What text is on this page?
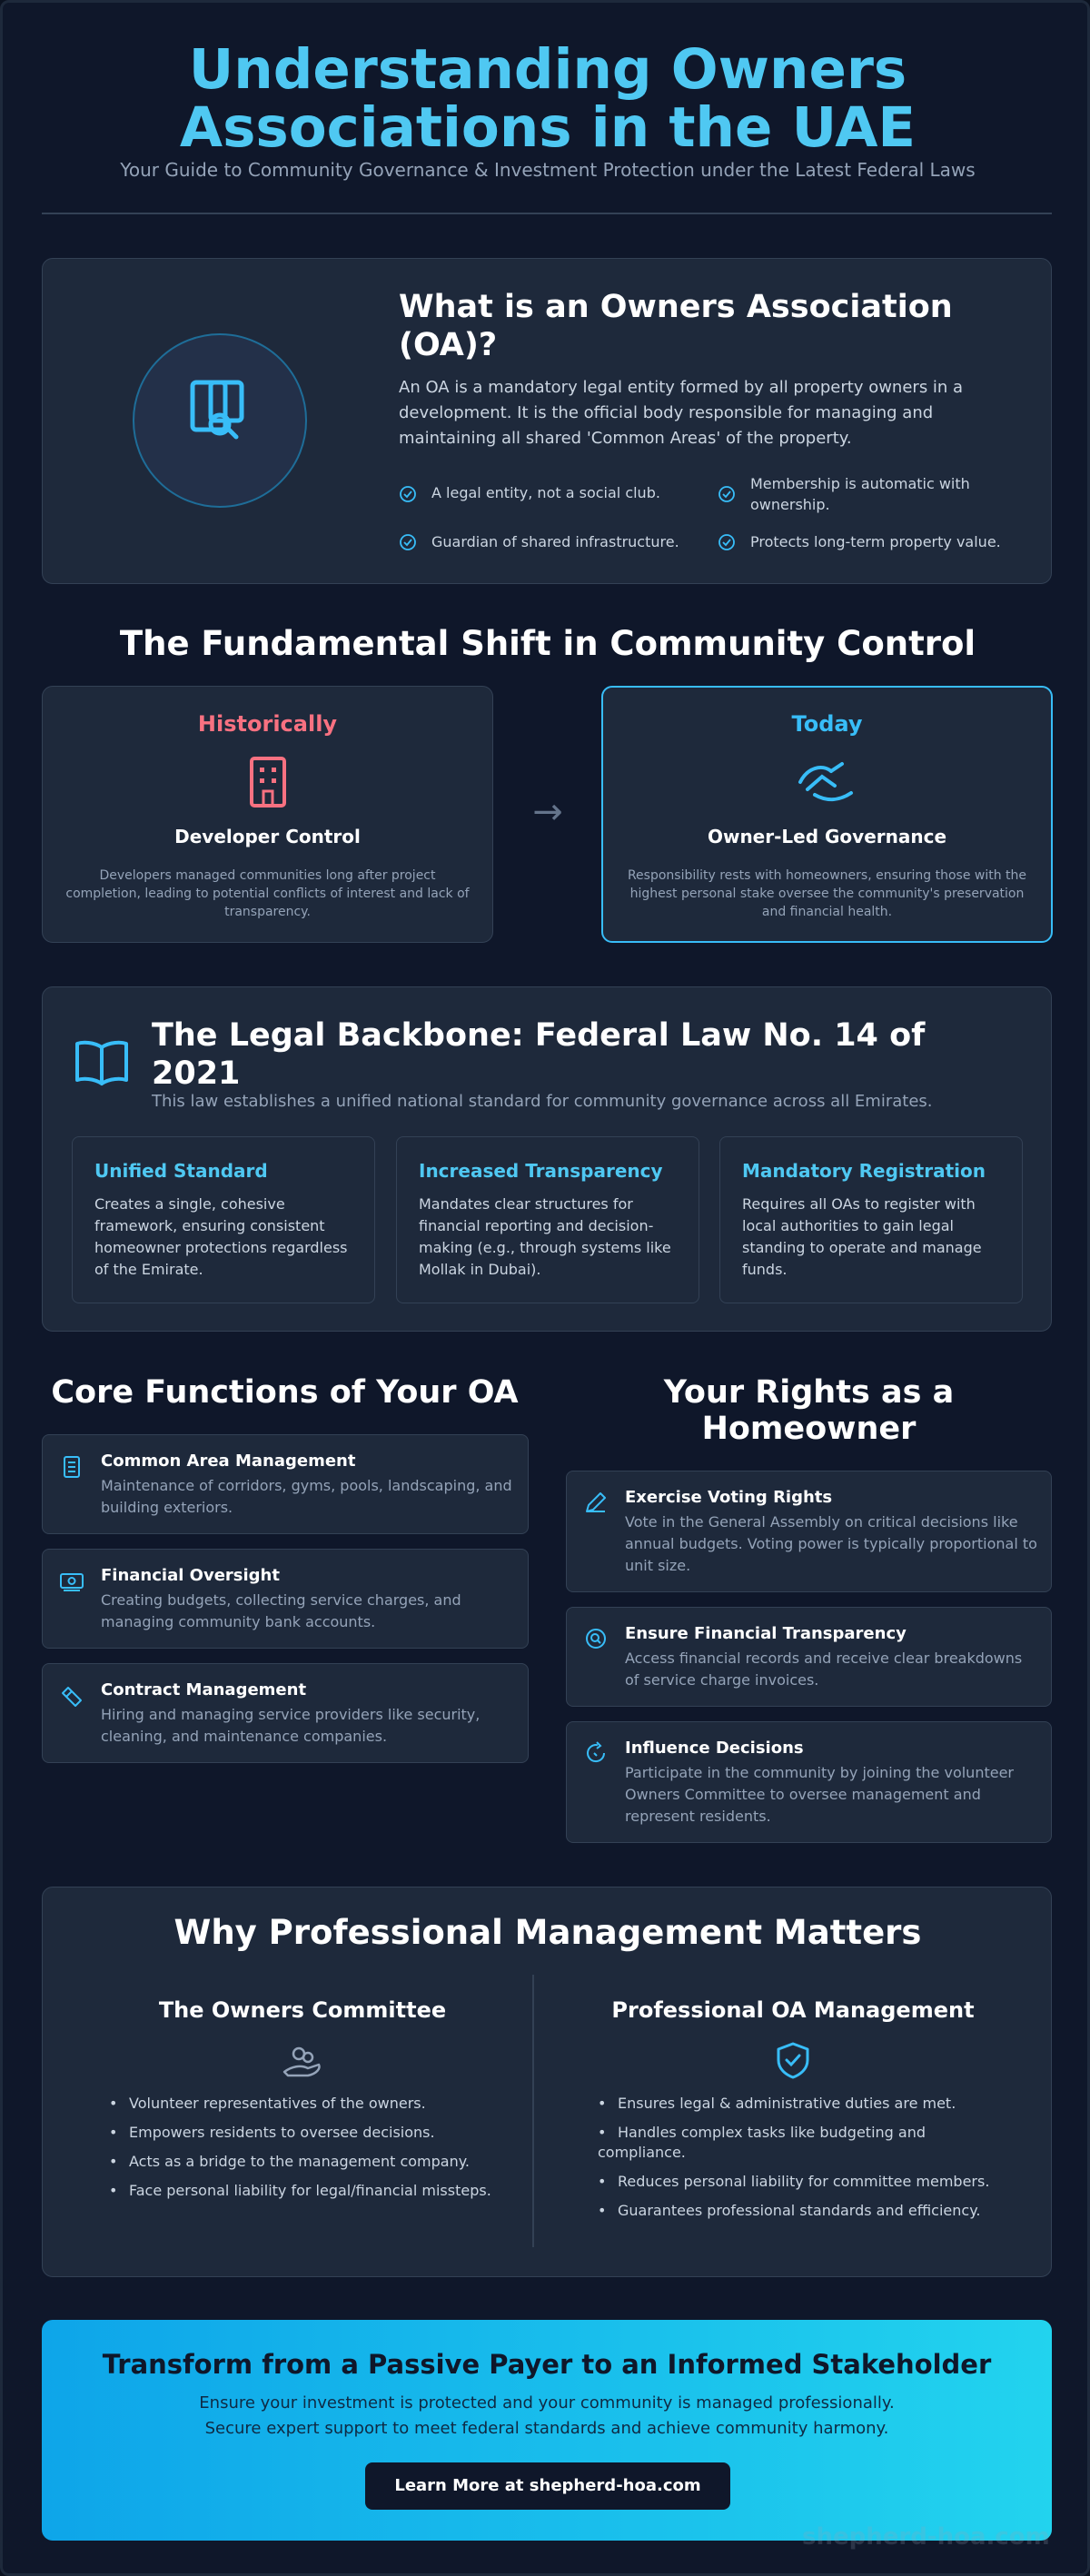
Understanding Owners
Associations in the UAE
Your Guide to Community Governance & Investment Protection under the Latest Federal Laws
What is an Owners Association
(OA)?
An OA is a mandatory legal entity formed by all property owners in a
development. It is the official body responsible for managing and
maintaining all shared 'Common Areas' of the property.
A legal entity, not a social club.
Membership is automatic with
ownership.
Guardian of shared infrastructure.	Protects long-term property value.
The Fundamental Shift in Community Control
Historically
Developer Control
Developers managed communities long after project
completion, leading to potential conflicts of interest and lack of
transparency.
→
Today
Owner-Led Governance
Responsibility rests with homeowners, ensuring those with the
highest personal stake oversee the community's preservation
and financial health.
The Legal Backbone: Federal Law No. 14 of
2021
This law establishes a unified national standard for community governance across all Emirates.
Unified Standard
Creates a single, cohesive
framework, ensuring consistent
homeowner protections regardless
of the Emirate.
Increased Transparency
Mandates clear structures for
financial reporting and decision-
making (e.g., through systems like
Mollak in Dubai).
Mandatory Registration
Requires all OAs to register with
local authorities to gain legal
standing to operate and manage
funds.
Core Functions of Your OA
Common Area Management
Maintenance of corridors, gyms, pools, landscaping, and
building exteriors.
Financial Oversight
Creating budgets, collecting service charges, and
managing community bank accounts.
Contract Management
Hiring and managing service providers like security,
cleaning, and maintenance companies.
Your Rights as a
Homeowner
Exercise Voting Rights
Vote in the General Assembly on critical decisions like
annual budgets. Voting power is typically proportional to
unit size.
Ensure Financial Transparency
Access financial records and receive clear breakdowns
of service charge invoices.
Influence Decisions
Participate in the community by joining the volunteer
Owners Committee to oversee management and
represent residents.
Why Professional Management Matters
The Owners Committee
• Volunteer representatives of the owners.
• Empowers residents to oversee decisions.
• Acts as a bridge to the management company.
• Face personal liability for legal/financial missteps.
Professional OA Management
• Ensures legal & administrative duties are met.
• Handles complex tasks like budgeting and
compliance.
• Reduces personal liability for committee members.
• Guarantees professional standards and efficiency.
Transform from a Passive Payer to an Informed Stakeholder
Ensure your investment is protected and your community is managed professionally.
Secure expert support to meet federal standards and achieve community harmony.
Learn More at shepherd-hoa.com
shepherd-hoa.com
